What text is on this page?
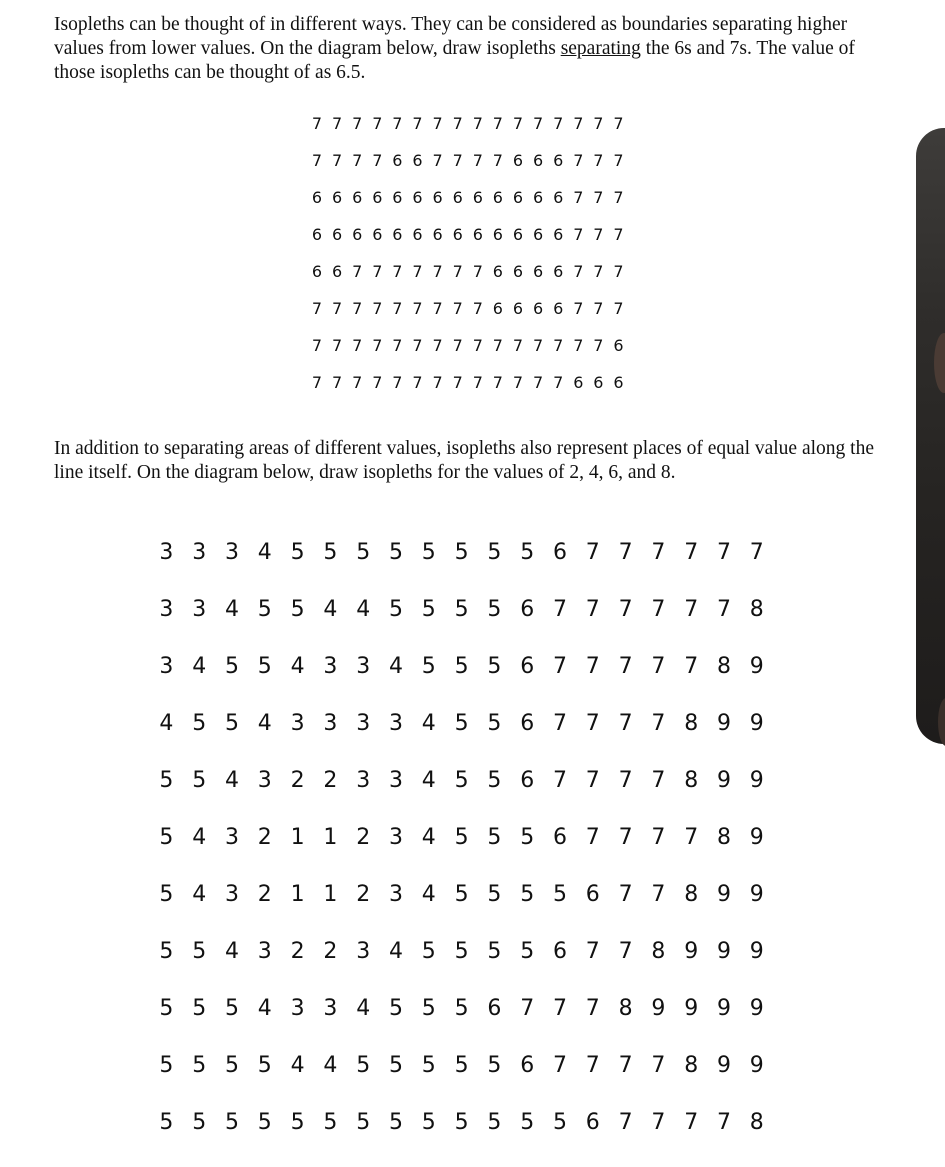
Isopleths can be thought of in different ways. They can be considered as boundaries separating higher values from lower values. On the diagram below, draw isopleths separating the 6s and 7s. The value of those isopleths can be thought of as 6.5.
7 7 7 7 7 7 7 7 7 7 7 7 7 7 7 7
7 7 7 7 6 6 7 7 7 7 6 6 6 7 7 7
6 6 6 6 6 6 6 6 6 6 6 6 6 7 7 7
6 6 6 6 6 6 6 6 6 6 6 6 6 7 7 7
6 6 7 7 7 7 7 7 7 6 6 6 6 7 7 7
7 7 7 7 7 7 7 7 7 6 6 6 6 7 7 7
7 7 7 7 7 7 7 7 7 7 7 7 7 7 7 6
7 7 7 7 7 7 7 7 7 7 7 7 7 6 6 6
In addition to separating areas of different values, isopleths also represent places of equal value along the line itself. On the diagram below, draw isopleths for the values of 2, 4, 6, and 8.
3 3 3 4 5 5 5 5 5 5 5 5 6 7 7 7 7 7 7
3 3 4 5 5 4 4 5 5 5 5 6 7 7 7 7 7 7 8
3 4 5 5 4 3 3 4 5 5 5 6 7 7 7 7 7 8 9
4 5 5 4 3 3 3 3 4 5 5 6 7 7 7 7 8 9 9
5 5 4 3 2 2 3 3 4 5 5 6 7 7 7 7 8 9 9
5 4 3 2 1 1 2 3 4 5 5 5 6 7 7 7 7 8 9
5 4 3 2 1 1 2 3 4 5 5 5 5 6 7 7 8 9 9
5 5 4 3 2 2 3 4 5 5 5 5 6 7 7 8 9 9 9
5 5 5 4 3 3 4 5 5 5 6 7 7 7 8 9 9 9 9
5 5 5 5 4 4 5 5 5 5 5 6 7 7 7 7 8 9 9
5 5 5 5 5 5 5 5 5 5 5 5 5 6 7 7 7 7 8
